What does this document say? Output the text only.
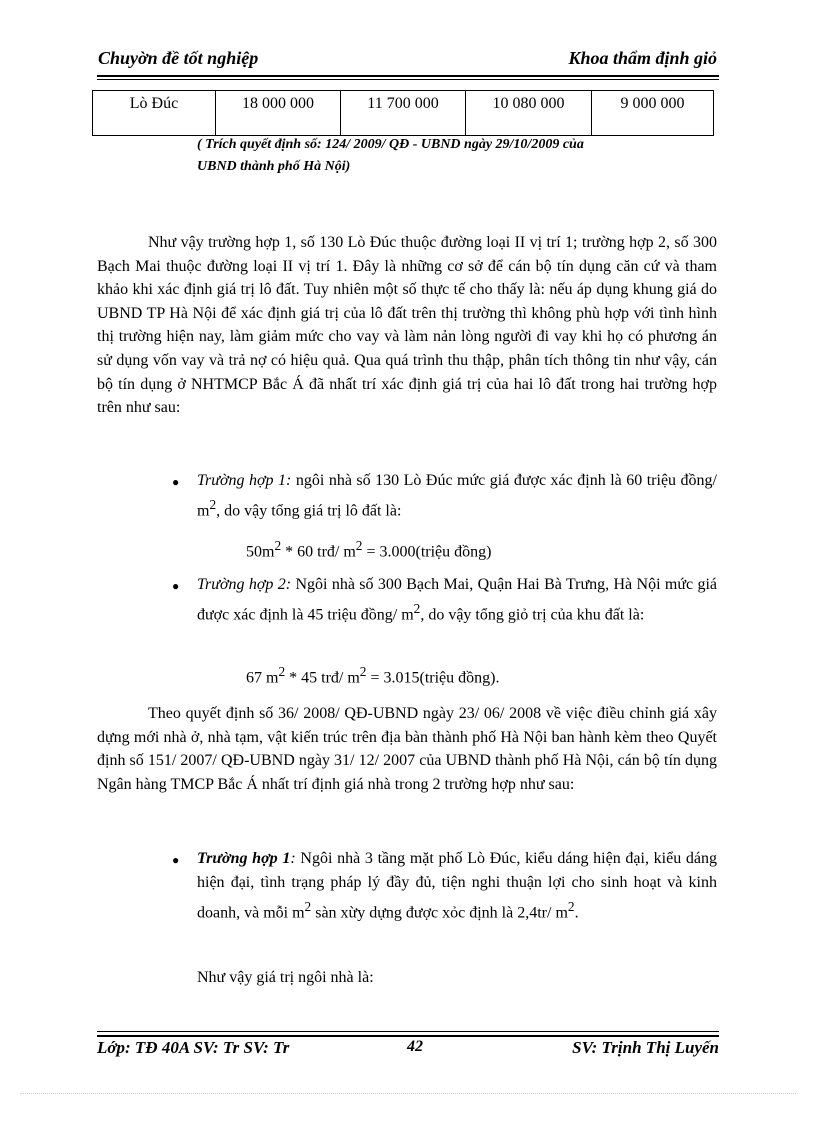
Chuyờn đề tốt nghiệp	Khoa thẩm định giỏ
Lò Đúc	18 000 000	11 700 000	10 080 000	9 000 000
( Trích quyết định số: 124/ 2009/ QĐ - UBND ngày 29/10/2009 của
UBND thành phố Hà Nội)

Như vậy trường hợp 1, số 130 Lò Đúc thuộc đường loại II vị trí 1; trường hợp 2, số 300 Bạch Mai thuộc đường loại II vị trí 1. Đây là những cơ sở để cán bộ tín dụng căn cứ và tham khảo khi xác định giá trị lô đất. Tuy nhiên một số thực tế cho thấy là: nếu áp dụng khung giá do UBND TP Hà Nội để xác định giá trị của lô đất trên thị trường thì không phù hợp với tình hình thị trường hiện nay, làm giảm mức cho vay và làm nản lòng người đi vay khi họ có phương án sử dụng vốn vay và trả nợ có hiệu quả. Qua quá trình thu thập, phân tích thông tin như vậy, cán bộ tín dụng ở NHTMCP Bắc Á đã nhất trí xác định giá trị của hai lô đất trong hai trường hợp trên như sau:

● Trường hợp 1: ngôi nhà số 130 Lò Đúc mức giá được xác định là 60 triệu đồng/ $m^2$, do vậy tổng giá trị lô đất là:
$50m^2 * 60$ trđ/ $m^2$ = 3.000(triệu đồng)
● Trường hợp 2: Ngôi nhà số 300 Bạch Mai, Quận Hai Bà Trưng, Hà Nội mức giá được xác định là 45 triệu đồng/ $m^2$, do vậy tổng giỏ trị của khu đất là:
67 $m^2 * 45$ trđ/ $m^2$ = 3.015(triệu đồng).

Theo quyết định số 36/ 2008/ QĐ-UBND ngày 23/ 06/ 2008 về việc điều chỉnh giá xây dựng mới nhà ở, nhà tạm, vật kiến trúc trên địa bàn thành phố Hà Nội ban hành kèm theo Quyết định số 151/ 2007/ QĐ-UBND ngày 31/ 12/ 2007 của UBND thành phố Hà Nội, cán bộ tín dụng Ngân hàng TMCP Bắc Á nhất trí định giá nhà trong 2 trường hợp như sau:

● Trường hợp 1: Ngôi nhà 3 tầng mặt phố Lò Đúc, kiểu dáng hiện đại, kiểu dáng hiện đại, tình trạng pháp lý đầy đủ, tiện nghi thuận lợi cho sinh hoạt và kinh doanh, và mỗi $m^2$ sàn xừy dựng được xỏc định là 2,4tr/ $m^2$.
Như vậy giá trị ngôi nhà là:
Lớp: TĐ 40A SV: Tr SV: Tr	42	SV: Trịnh Thị Luyến
